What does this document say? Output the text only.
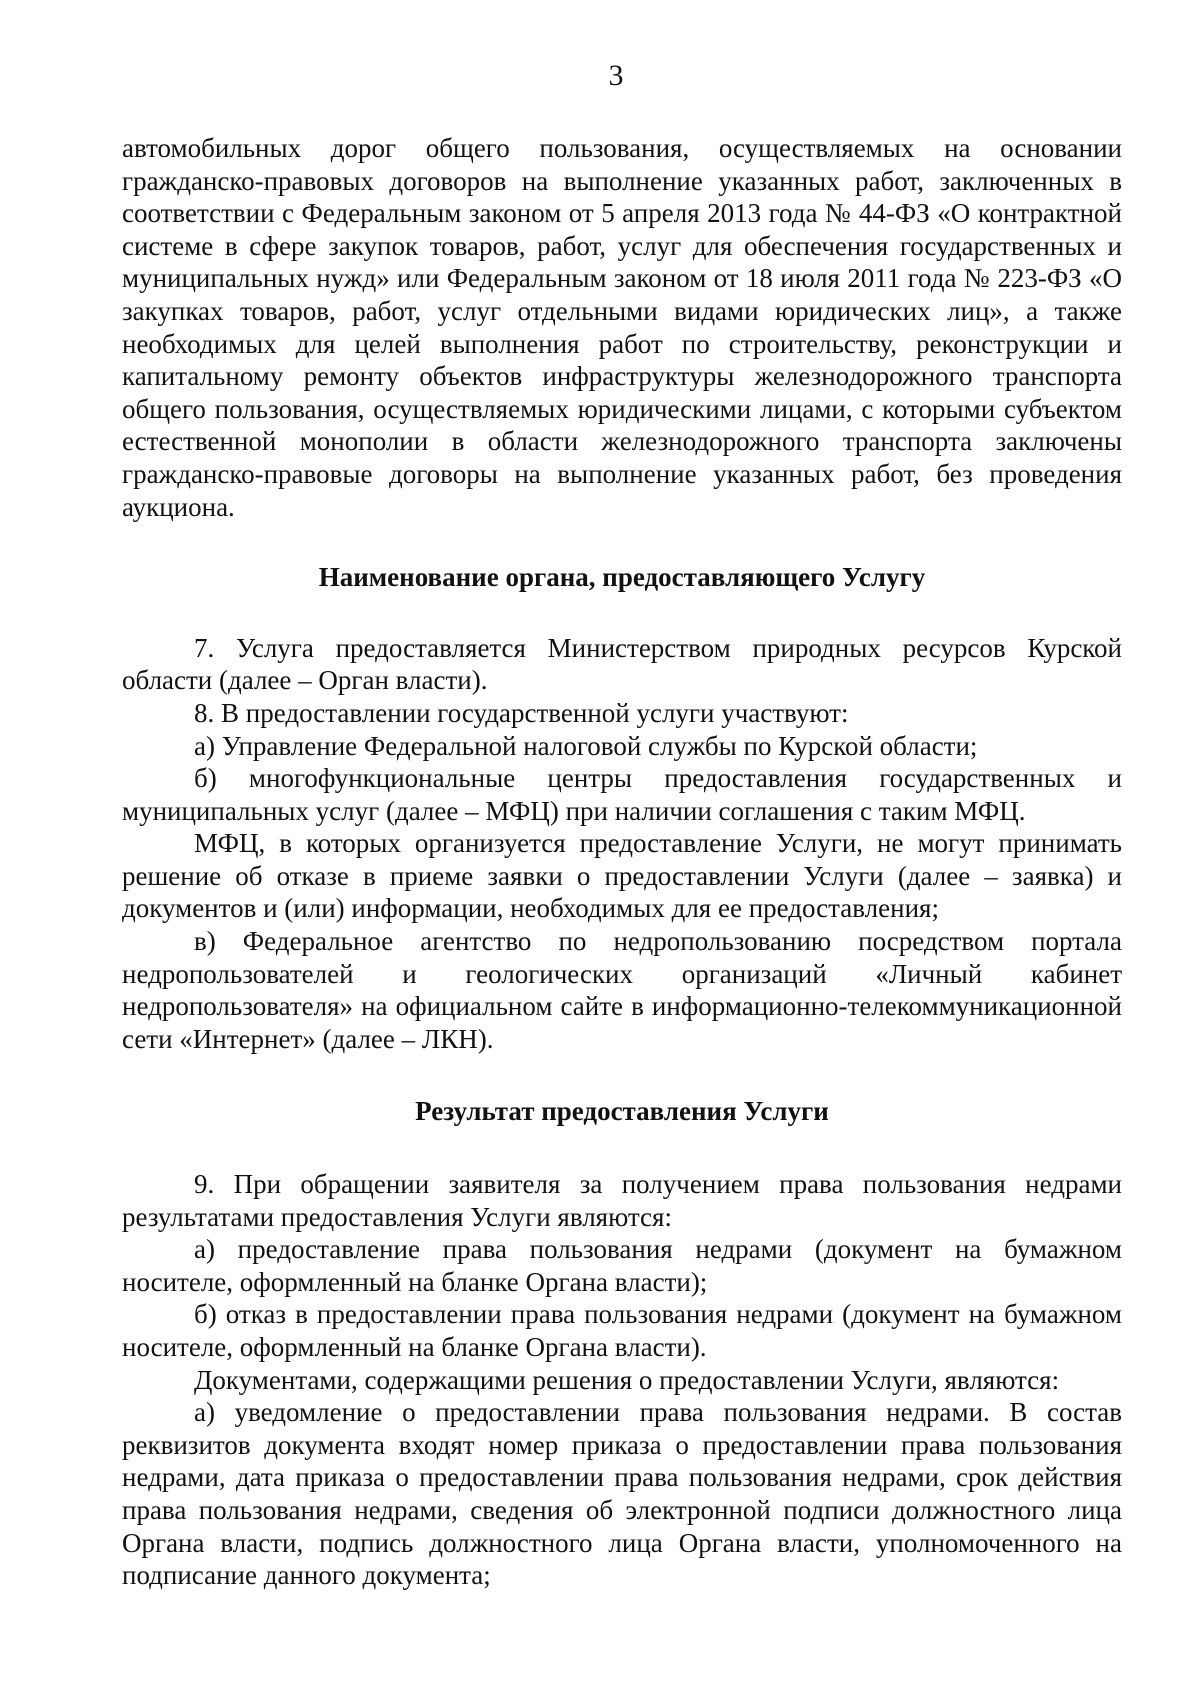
3

автомобильных дорог общего пользования, осуществляемых на основании гражданско-правовых договоров на выполнение указанных работ, заключенных в соответствии с Федеральным законом от 5 апреля 2013 года № 44-ФЗ «О контрактной системе в сфере закупок товаров, работ, услуг для обеспечения государственных и муниципальных нужд» или Федеральным законом от 18 июля 2011 года № 223-ФЗ «О закупках товаров, работ, услуг отдельными видами юридических лиц», а также необходимых для целей выполнения работ по строительству, реконструкции и капитальному ремонту объектов инфраструктуры железнодорожного транспорта общего пользования, осуществляемых юридическими лицами, с которыми субъектом естественной монополии в области железнодорожного транспорта заключены гражданско-правовые договоры на выполнение указанных работ, без проведения аукциона.

Наименование органа, предоставляющего Услугу

7. Услуга предоставляется Министерством природных ресурсов Курской области (далее – Орган власти).

8. В предоставлении государственной услуги участвуют:

а) Управление Федеральной налоговой службы по Курской области;

б) многофункциональные центры предоставления государственных и муниципальных услуг (далее – МФЦ) при наличии соглашения с таким МФЦ.

МФЦ, в которых организуется предоставление Услуги, не могут принимать решение об отказе в приеме заявки о предоставлении Услуги (далее – заявка) и документов и (или) информации, необходимых для ее предоставления;

в) Федеральное агентство по недропользованию посредством портала недропользователей и геологических организаций «Личный кабинет недропользователя» на официальном сайте в информационно-телекоммуникационной сети «Интернет» (далее – ЛКН).

Результат предоставления Услуги

9. При обращении заявителя за получением права пользования недрами результатами предоставления Услуги являются:

а) предоставление права пользования недрами (документ на бумажном носителе, оформленный на бланке Органа власти);

б) отказ в предоставлении права пользования недрами (документ на бумажном носителе, оформленный на бланке Органа власти).

Документами, содержащими решения о предоставлении Услуги, являются:

а) уведомление о предоставлении права пользования недрами. В состав реквизитов документа входят номер приказа о предоставлении права пользования недрами, дата приказа о предоставлении права пользования недрами, срок действия права пользования недрами, сведения об электронной подписи должностного лица Органа власти, подпись должностного лица Органа власти, уполномоченного на подписание данного документа;
